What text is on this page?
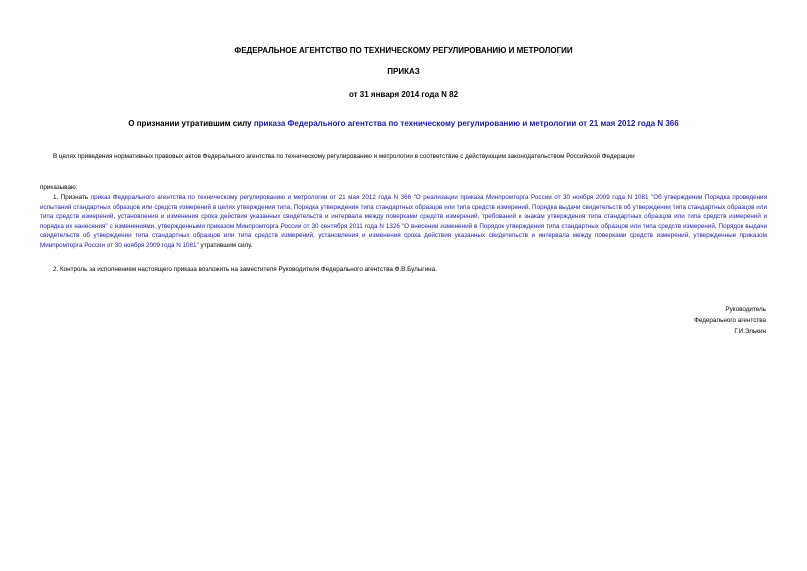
ФЕДЕРАЛЬНОЕ АГЕНТСТВО ПО ТЕХНИЧЕСКОМУ РЕГУЛИРОВАНИЮ И МЕТРОЛОГИИ
ПРИКАЗ
от 31 января 2014 года N 82
О признании утратившим силу приказа Федерального агентства по техническому регулированию и метрологии от 21 мая 2012 года N 366
В целях приведения нормативных правовых актов Федерального агентства по техническому регулированию и метрологии в соответствие с действующим законодательством Российской Федерации
приказываю:
1. Признать приказ Федерального агентства по техническому регулированию и метрологии от 21 мая 2012 года N 366 "О реализации приказа Минпромторга России от 30 ноября 2009 года N 1081 "Об утверждении Порядка проведения испытаний стандартных образцов или средств измерений в целях утверждения типа, Порядка утверждения типа стандартных образцов или типа средств измерений, Порядка выдачи свидетельств об утверждении типа стандартных образцов или типа средств измерений, установления и изменения срока действия указанных свидетельств и интервала между поверками средств измерений, требований к знакам утверждения типа стандартных образцов или типа средств измерений и порядка их нанесения" с изменениями, утвержденными приказом Минпромторга России от 30 сентября 2011 года N 1326 "О внесении изменений в Порядок утверждения типа стандартных образцов или типа средств измерений, Порядок выдачи свидетельств об утверждении типа стандартных образцов или типа средств измерений, установления и изменения срока действия указанных свидетельств и интервала между поверками средств измерений, утвержденные приказом Минпромторга России от 30 ноября 2009 года N 1081" утратившим силу.
2. Контроль за исполнением настоящего приказа возложить на заместителя Руководителя Федерального агентства Ф.В.Булыгина.
Руководитель
Федерального агентства
Г.И.Элькин
